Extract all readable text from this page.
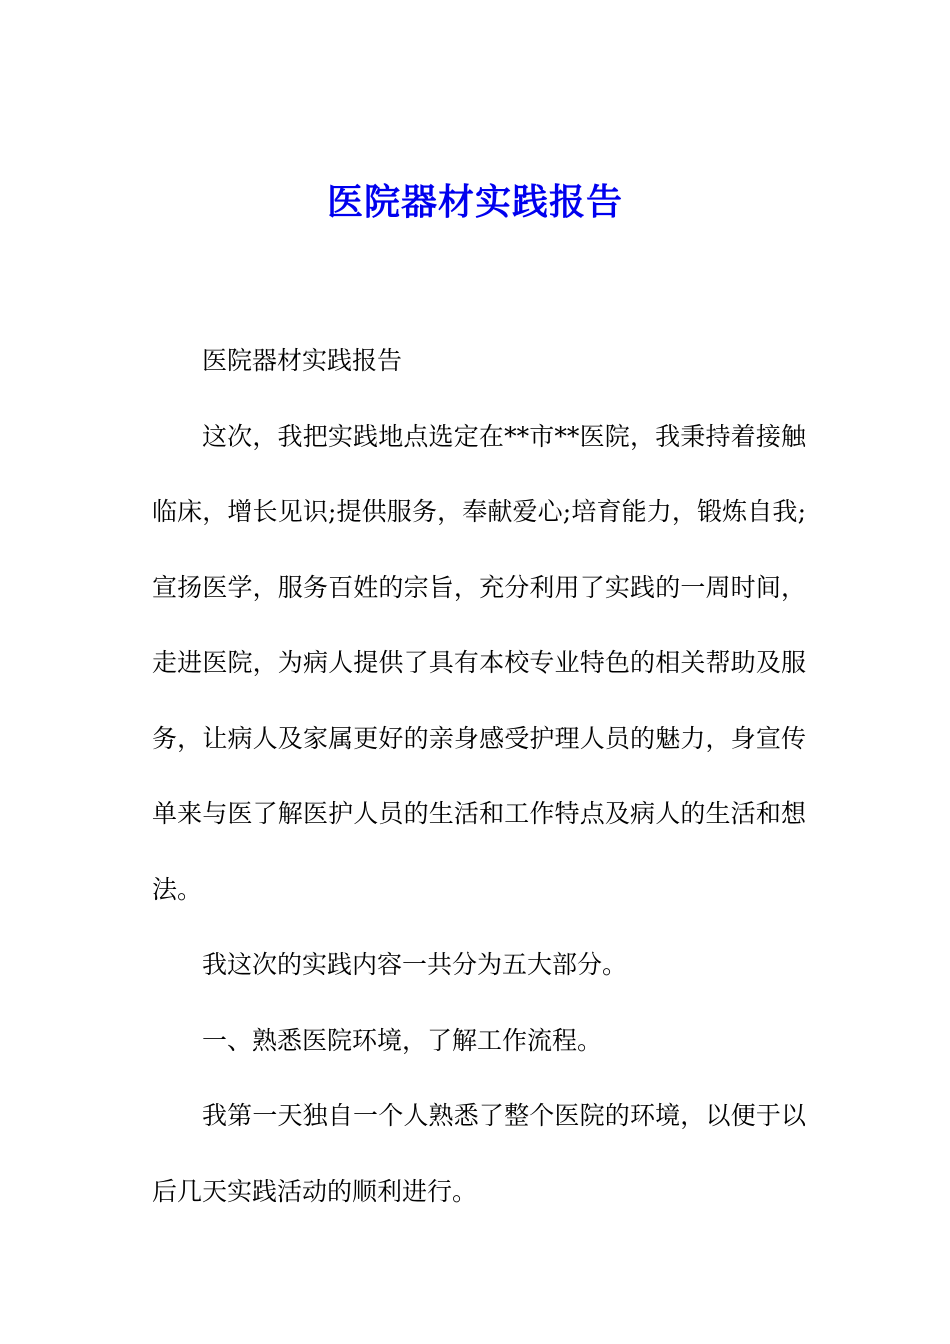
医院器材实践报告

医院器材实践报告

这次，我把实践地点选定在**市**医院，我秉持着接触临床，增长见识;提供服务，奉献爱心;培育能力，锻炼自我;宣扬医学，服务百姓的宗旨，充分利用了实践的一周时间，走进医院，为病人提供了具有本校专业特色的相关帮助及服务，让病人及家属更好的亲身感受护理人员的魅力，身宣传单来与医了解医护人员的生活和工作特点及病人的生活和想法。

我这次的实践内容一共分为五大部分。

一、熟悉医院环境，了解工作流程。

我第一天独自一个人熟悉了整个医院的环境，以便于以后几天实践活动的顺利进行。
